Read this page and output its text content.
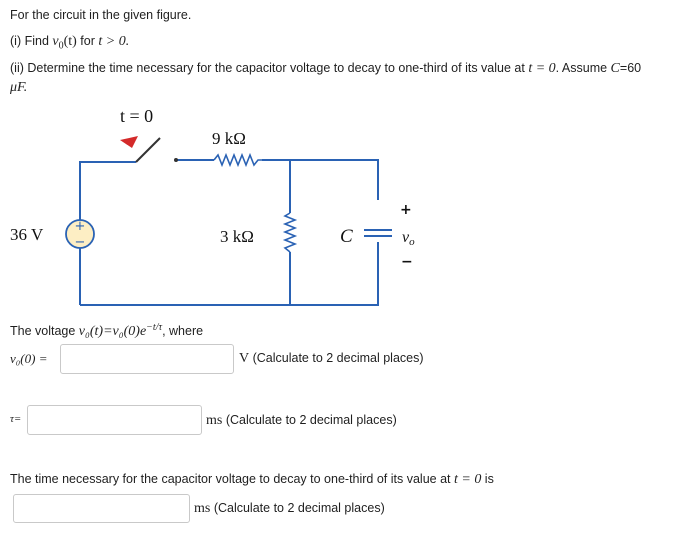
For the circuit in the given figure.
(i) Find $v_0(t)$ for t > 0.
(ii) Determine the time necessary for the capacitor voltage to decay to one-third of its value at t = 0. Assume C=60
μF.
+
−
t = 0
9 kΩ
3 kΩ
36 V	C
+
−
vo
The voltage $v_0(t)=v_0(0)e^{-t/\tau}$, where
v₀(0) =	V (Calculate to 2 decimal places)
τ=	ms (Calculate to 2 decimal places)
The time necessary for the capacitor voltage to decay to one-third of its value at t = 0 is
ms (Calculate to 2 decimal places)
